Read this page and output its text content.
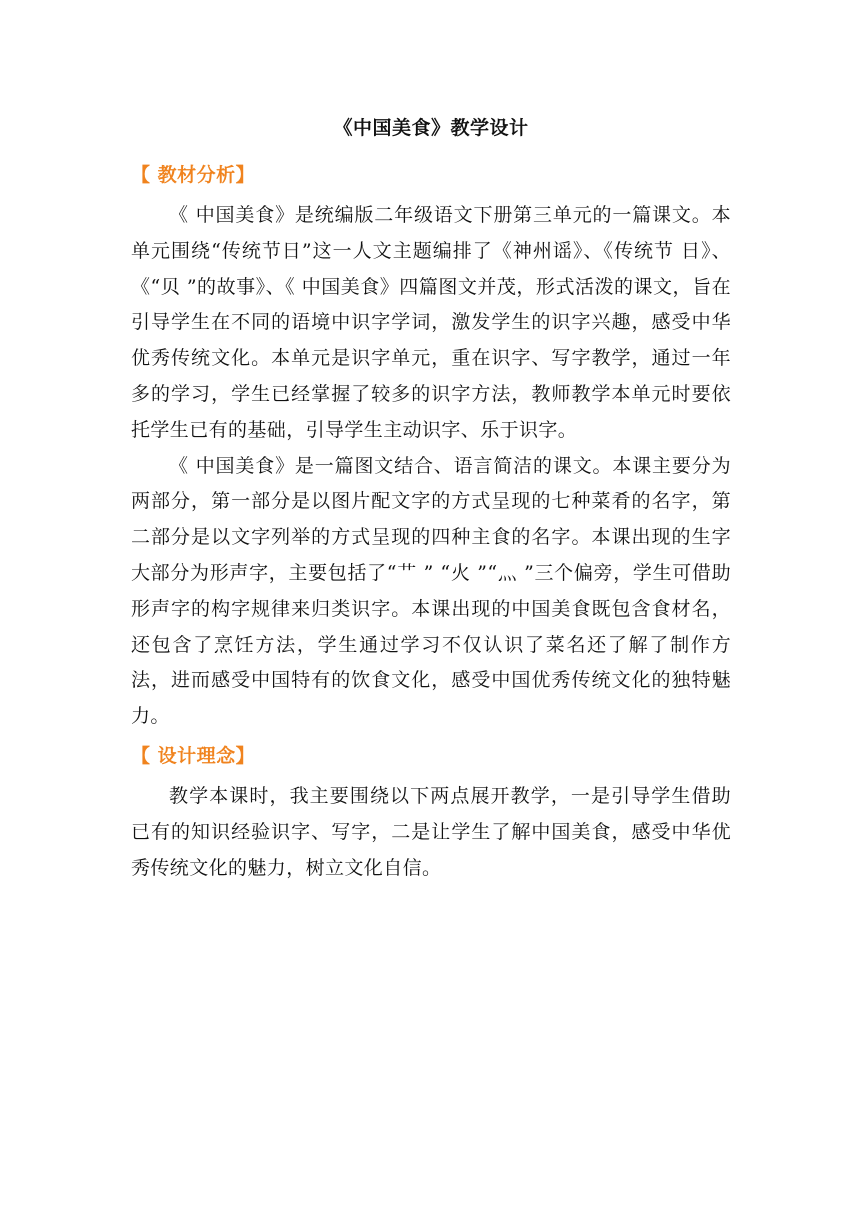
《中国美食》教学设计
【 教材分析】

《 中国美食》是统编版二年级语文下册第三单元的一篇课文。本单元围绕“传统节日”这一人文主题编排了《神州谣》、《传统节 日》、《“贝 ”的故事》、《 中国美食》四篇图文并茂，形式活泼的课文，旨在引导学生在不同的语境中识字学词，激发学生的识字兴趣，感受中华优秀传统文化。本单元是识字单元，重在识字、写字教学，通过一年多的学习，学生已经掌握了较多的识字方法，教师教学本单元时要依托学生已有的基础，引导学生主动识字、乐于识字。

《 中国美食》是一篇图文结合、语言简洁的课文。本课主要分为两部分，第一部分是以图片配文字的方式呈现的七种菜肴的名字，第二部分是以文字列举的方式呈现的四种主食的名字。本课出现的生字大部分为形声字，主要包括了“艹 ” “火 ”“灬 ”三个偏旁，学生可借助形声字的构字规律来归类识字。本课出现的中国美食既包含食材名，还包含了烹饪方法，学生通过学习不仅认识了菜名还了解了制作方法，进而感受中国特有的饮食文化，感受中国优秀传统文化的独特魅力。

【 设计理念】

教学本课时，我主要围绕以下两点展开教学，一是引导学生借助已有的知识经验识字、写字，二是让学生了解中国美食，感受中华优秀传统文化的魅力，树立文化自信。
